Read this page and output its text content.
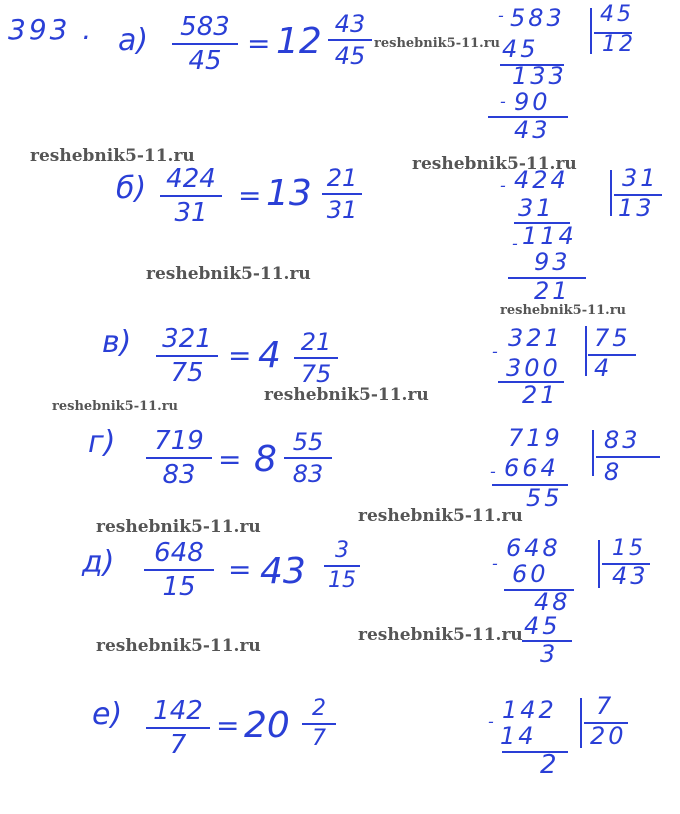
393 . а)	583
45
= 12 43
45
- 583 45
12
45
133
- 90
43
reshebnik5-11.ru
reshebnik5-11.ru	reshebnik5-11.ru
б) 424
31
= 13 21
31
- 424 31
13
31
- 114
93
21
reshebnik5-11.ru
reshebnik5-11.ru
в) 321
75
= 4 21
75
- 321 75
4
300
21
reshebnik5-11.ru
reshebnik5-11.ru
г)	719
83 = 8 55
83
719 83
8
- 664
55
reshebnik5-11.ru
reshebnik5-11.ru
д)	648
15
= 43
3
15
-
648 15
43
60
48
45
3
reshebnik5-11.ru
reshebnik5-11.ru
е) 142
7
= 20	2
7
- 142 7
20
14
2
